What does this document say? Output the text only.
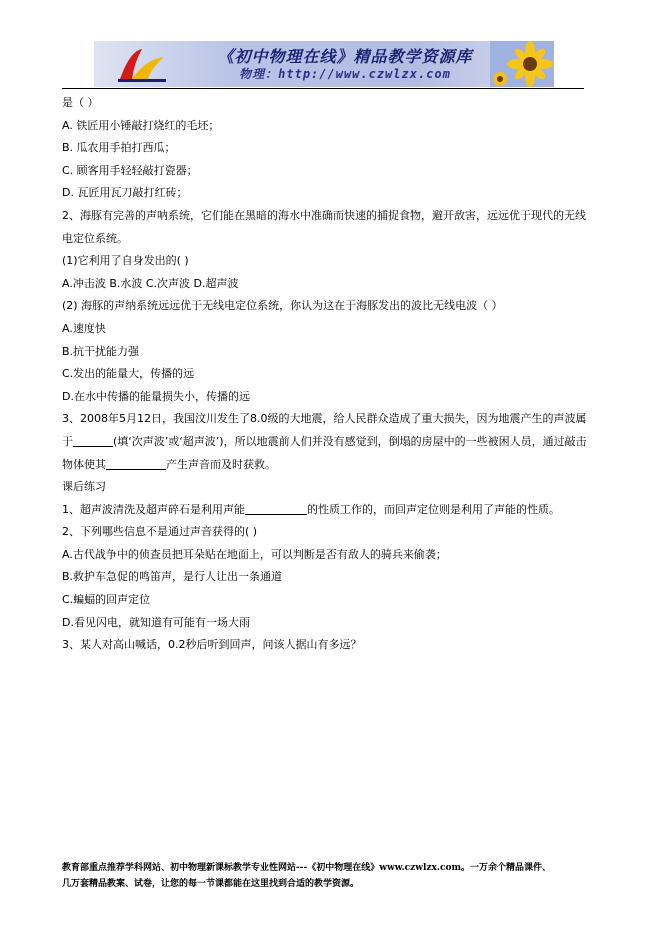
《初中物理在线》精品教学资源库
物理：http://www.czwlzx.com
是（ ）
A. 铁匠用小锤敲打烧红的毛坯；
B. 瓜农用手拍打西瓜；
C. 顾客用手轻轻敲打瓷器；
D. 瓦匠用瓦刀敲打红砖；
2、海豚有完善的声呐系统，它们能在黑暗的海水中准确而快速的捕捉食物，避开敌害，远远优于现代的无线电定位系统。
(1)它利用了自身发出的( )
A.冲击波 B.水波 C.次声波 D.超声波
(2) 海豚的声纳系统远远优于无线电定位系统，你认为这在于海豚发出的波比无线电波（ ）
A.速度快
B.抗干扰能力强
C.发出的能量大，传播的远
D.在水中传播的能量损失小，传播的远
3、2008年5月12日，我国汶川发生了8.0级的大地震，给人民群众造成了重大损失，因为地震产生的声波属于	(填‘次声波’或‘超声波’)，所以地震前人们并没有感觉到，倒塌的房屋中的一些被困人员，通过敲击物体使其	产生声音而及时获救。
课后练习
1、超声波清洗及超声碎石是利用声能	的性质工作的，而回声定位则是利用了声能的性质。
2、下列哪些信息不是通过声音获得的( )
A.古代战争中的侦查员把耳朵贴在地面上，可以判断是否有敌人的骑兵来偷袭；
B.救护车急促的鸣笛声，是行人让出一条通道
C.蝙蝠的回声定位
D.看见闪电，就知道有可能有一场大雨
3、某人对高山喊话，0.2秒后听到回声，问该人据山有多远？
教育部重点推荐学科网站、初中物理新课标教学专业性网站---《初中物理在线》www.czwlzx.com。一万余个精品课件、
几万套精品教案、试卷，让您的每一节课都能在这里找到合适的教学资源。
